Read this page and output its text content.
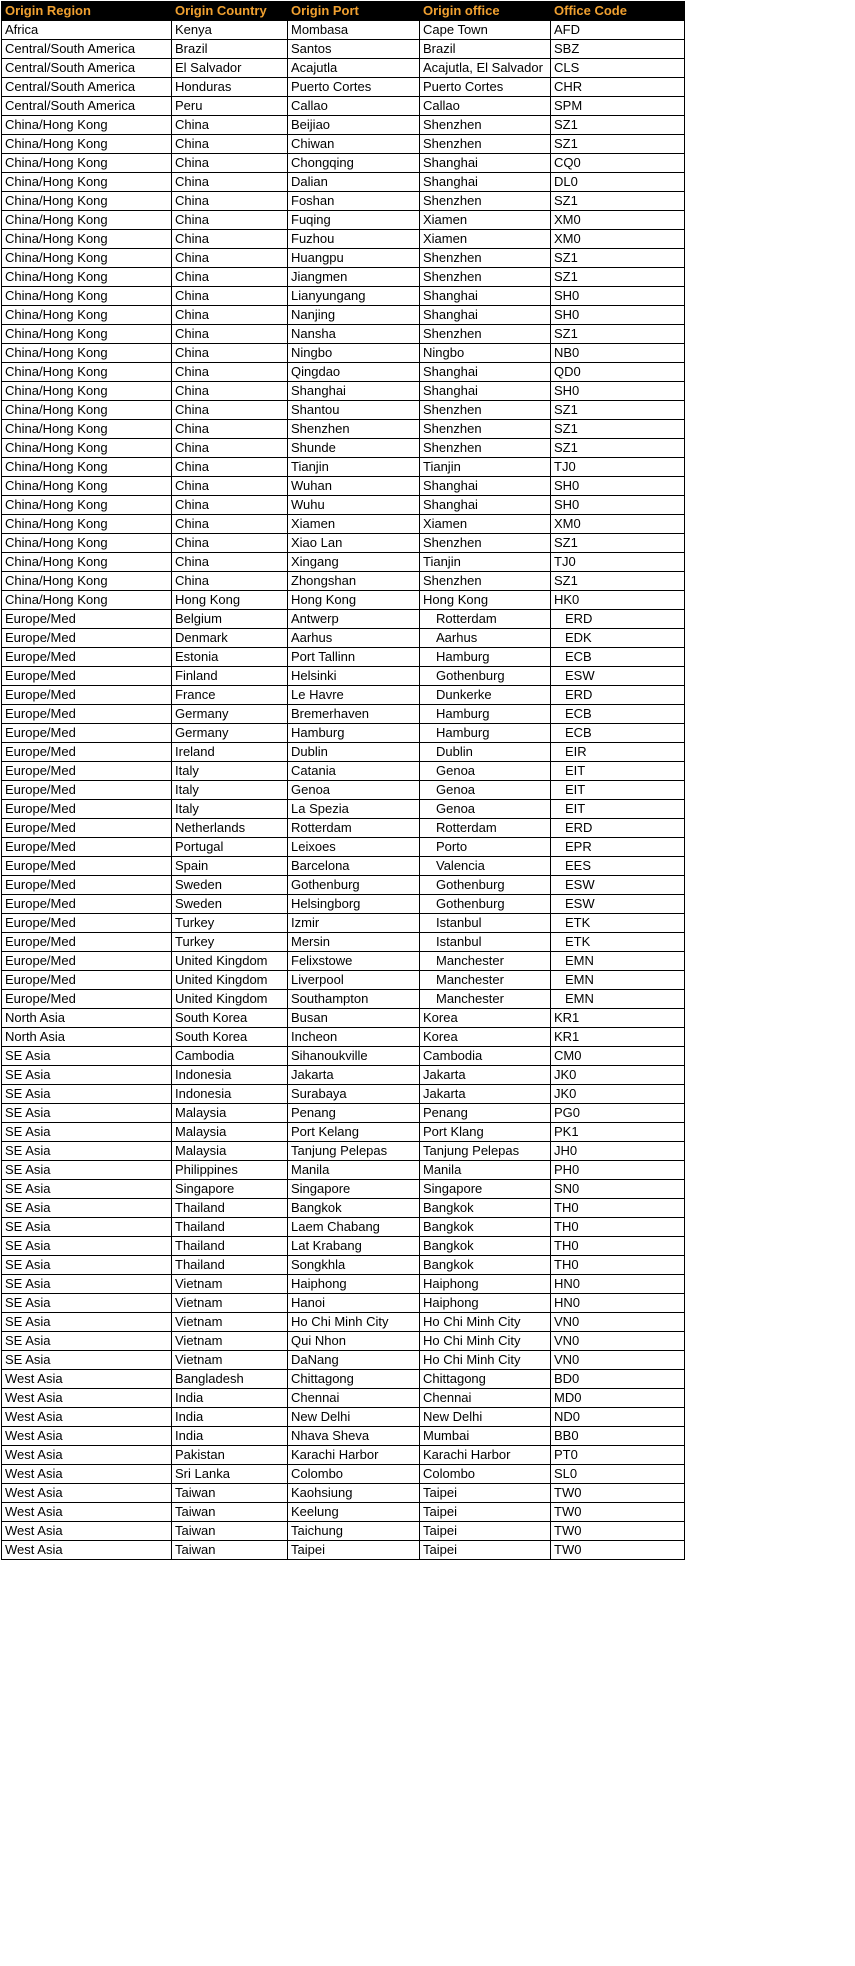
Origin Region	Origin Country	Origin Port	Origin office	Office Code
Africa	Kenya	Mombasa	Cape Town	AFD
Central/South America	Brazil	Santos	Brazil	SBZ
Central/South America	El Salvador	Acajutla	Acajutla, El Salvador	CLS
Central/South America	Honduras	Puerto Cortes	Puerto Cortes	CHR
Central/South America	Peru	Callao	Callao	SPM
China/Hong Kong	China	Beijiao	Shenzhen	SZ1
China/Hong Kong	China	Chiwan	Shenzhen	SZ1
China/Hong Kong	China	Chongqing	Shanghai	CQ0
China/Hong Kong	China	Dalian	Shanghai	DL0
China/Hong Kong	China	Foshan	Shenzhen	SZ1
China/Hong Kong	China	Fuqing	Xiamen	XM0
China/Hong Kong	China	Fuzhou	Xiamen	XM0
China/Hong Kong	China	Huangpu	Shenzhen	SZ1
China/Hong Kong	China	Jiangmen	Shenzhen	SZ1
China/Hong Kong	China	Lianyungang	Shanghai	SH0
China/Hong Kong	China	Nanjing	Shanghai	SH0
China/Hong Kong	China	Nansha	Shenzhen	SZ1
China/Hong Kong	China	Ningbo	Ningbo	NB0
China/Hong Kong	China	Qingdao	Shanghai	QD0
China/Hong Kong	China	Shanghai	Shanghai	SH0
China/Hong Kong	China	Shantou	Shenzhen	SZ1
China/Hong Kong	China	Shenzhen	Shenzhen	SZ1
China/Hong Kong	China	Shunde	Shenzhen	SZ1
China/Hong Kong	China	Tianjin	Tianjin	TJ0
China/Hong Kong	China	Wuhan	Shanghai	SH0
China/Hong Kong	China	Wuhu	Shanghai	SH0
China/Hong Kong	China	Xiamen	Xiamen	XM0
China/Hong Kong	China	Xiao Lan	Shenzhen	SZ1
China/Hong Kong	China	Xingang	Tianjin	TJ0
China/Hong Kong	China	Zhongshan	Shenzhen	SZ1
China/Hong Kong	Hong Kong	Hong Kong	Hong Kong	HK0
Europe/Med	Belgium	Antwerp	Rotterdam	ERD
Europe/Med	Denmark	Aarhus	Aarhus	EDK
Europe/Med	Estonia	Port Tallinn	Hamburg	ECB
Europe/Med	Finland	Helsinki	Gothenburg	ESW
Europe/Med	France	Le Havre	Dunkerke	ERD
Europe/Med	Germany	Bremerhaven	Hamburg	ECB
Europe/Med	Germany	Hamburg	Hamburg	ECB
Europe/Med	Ireland	Dublin	Dublin	EIR
Europe/Med	Italy	Catania	Genoa	EIT
Europe/Med	Italy	Genoa	Genoa	EIT
Europe/Med	Italy	La Spezia	Genoa	EIT
Europe/Med	Netherlands	Rotterdam	Rotterdam	ERD
Europe/Med	Portugal	Leixoes	Porto	EPR
Europe/Med	Spain	Barcelona	Valencia	EES
Europe/Med	Sweden	Gothenburg	Gothenburg	ESW
Europe/Med	Sweden	Helsingborg	Gothenburg	ESW
Europe/Med	Turkey	Izmir	Istanbul	ETK
Europe/Med	Turkey	Mersin	Istanbul	ETK
Europe/Med	United Kingdom	Felixstowe	Manchester	EMN
Europe/Med	United Kingdom	Liverpool	Manchester	EMN
Europe/Med	United Kingdom	Southampton	Manchester	EMN
North Asia	South Korea	Busan	Korea	KR1
North Asia	South Korea	Incheon	Korea	KR1
SE Asia	Cambodia	Sihanoukville	Cambodia	CM0
SE Asia	Indonesia	Jakarta	Jakarta	JK0
SE Asia	Indonesia	Surabaya	Jakarta	JK0
SE Asia	Malaysia	Penang	Penang	PG0
SE Asia	Malaysia	Port Kelang	Port Klang	PK1
SE Asia	Malaysia	Tanjung Pelepas	Tanjung Pelepas	JH0
SE Asia	Philippines	Manila	Manila	PH0
SE Asia	Singapore	Singapore	Singapore	SN0
SE Asia	Thailand	Bangkok	Bangkok	TH0
SE Asia	Thailand	Laem Chabang	Bangkok	TH0
SE Asia	Thailand	Lat Krabang	Bangkok	TH0
SE Asia	Thailand	Songkhla	Bangkok	TH0
SE Asia	Vietnam	Haiphong	Haiphong	HN0
SE Asia	Vietnam	Hanoi	Haiphong	HN0
SE Asia	Vietnam	Ho Chi Minh City	Ho Chi Minh City	VN0
SE Asia	Vietnam	Qui Nhon	Ho Chi Minh City	VN0
SE Asia	Vietnam	DaNang	Ho Chi Minh City	VN0
West Asia	Bangladesh	Chittagong	Chittagong	BD0
West Asia	India	Chennai	Chennai	MD0
West Asia	India	New Delhi	New Delhi	ND0
West Asia	India	Nhava Sheva	Mumbai	BB0
West Asia	Pakistan	Karachi Harbor	Karachi Harbor	PT0
West Asia	Sri Lanka	Colombo	Colombo	SL0
West Asia	Taiwan	Kaohsiung	Taipei	TW0
West Asia	Taiwan	Keelung	Taipei	TW0
West Asia	Taiwan	Taichung	Taipei	TW0
West Asia	Taiwan	Taipei	Taipei	TW0
